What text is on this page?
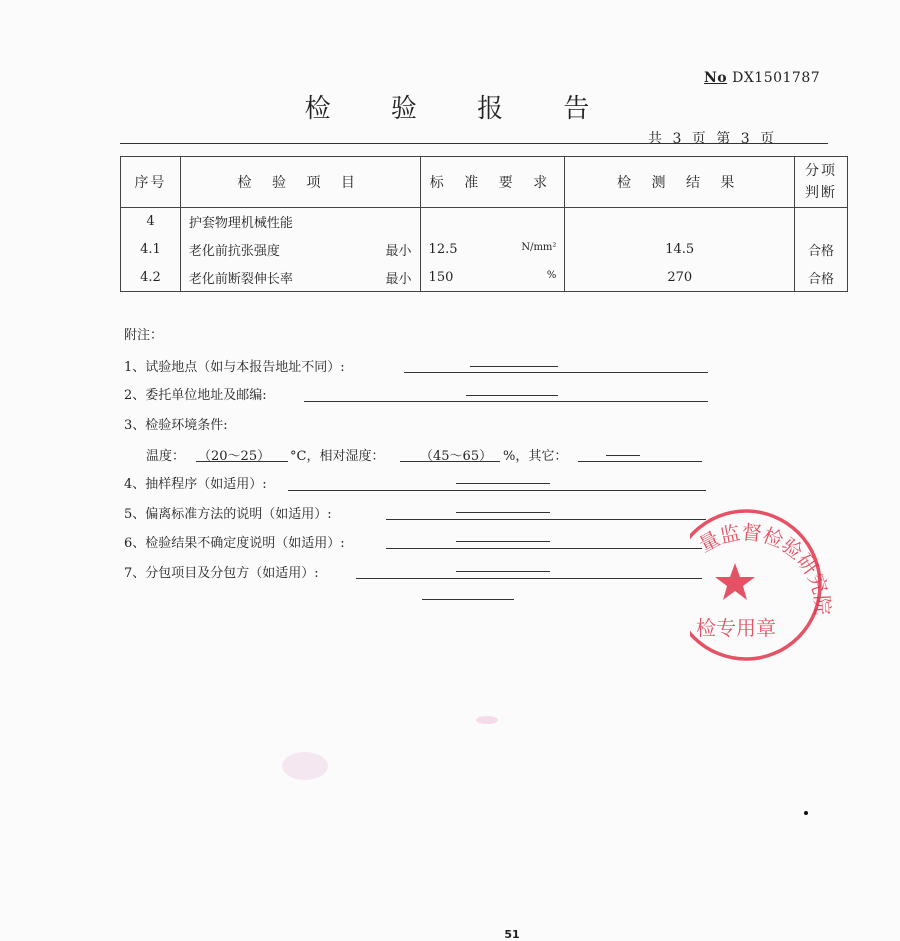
No DX1501787
检 验 报 告
共 3 页 第 3 页
序号	检 验 项 目	标 准 要 求	检 测 结 果	分项
判断

4	护套物理机械性能			
4.1	老化前抗张强度 最小	12.5 N/mm²	14.5	合格
4.2	老化前断裂伸长率 最小	150 %	270	合格
附注：
1、试验地点（如与本报告地址不同）:
2、委托单位地址及邮编:
3、检验环境条件:
温度： （20～25） °C，相对湿度：	（45～65） %，其它：
4、抽样程序（如适用）:
5、偏离标准方法的说明（如适用）:
6、检验结果不确定度说明（如适用）:
7、分包项目及分包方（如适用）:
量监督检验研究院
检专用章
51
